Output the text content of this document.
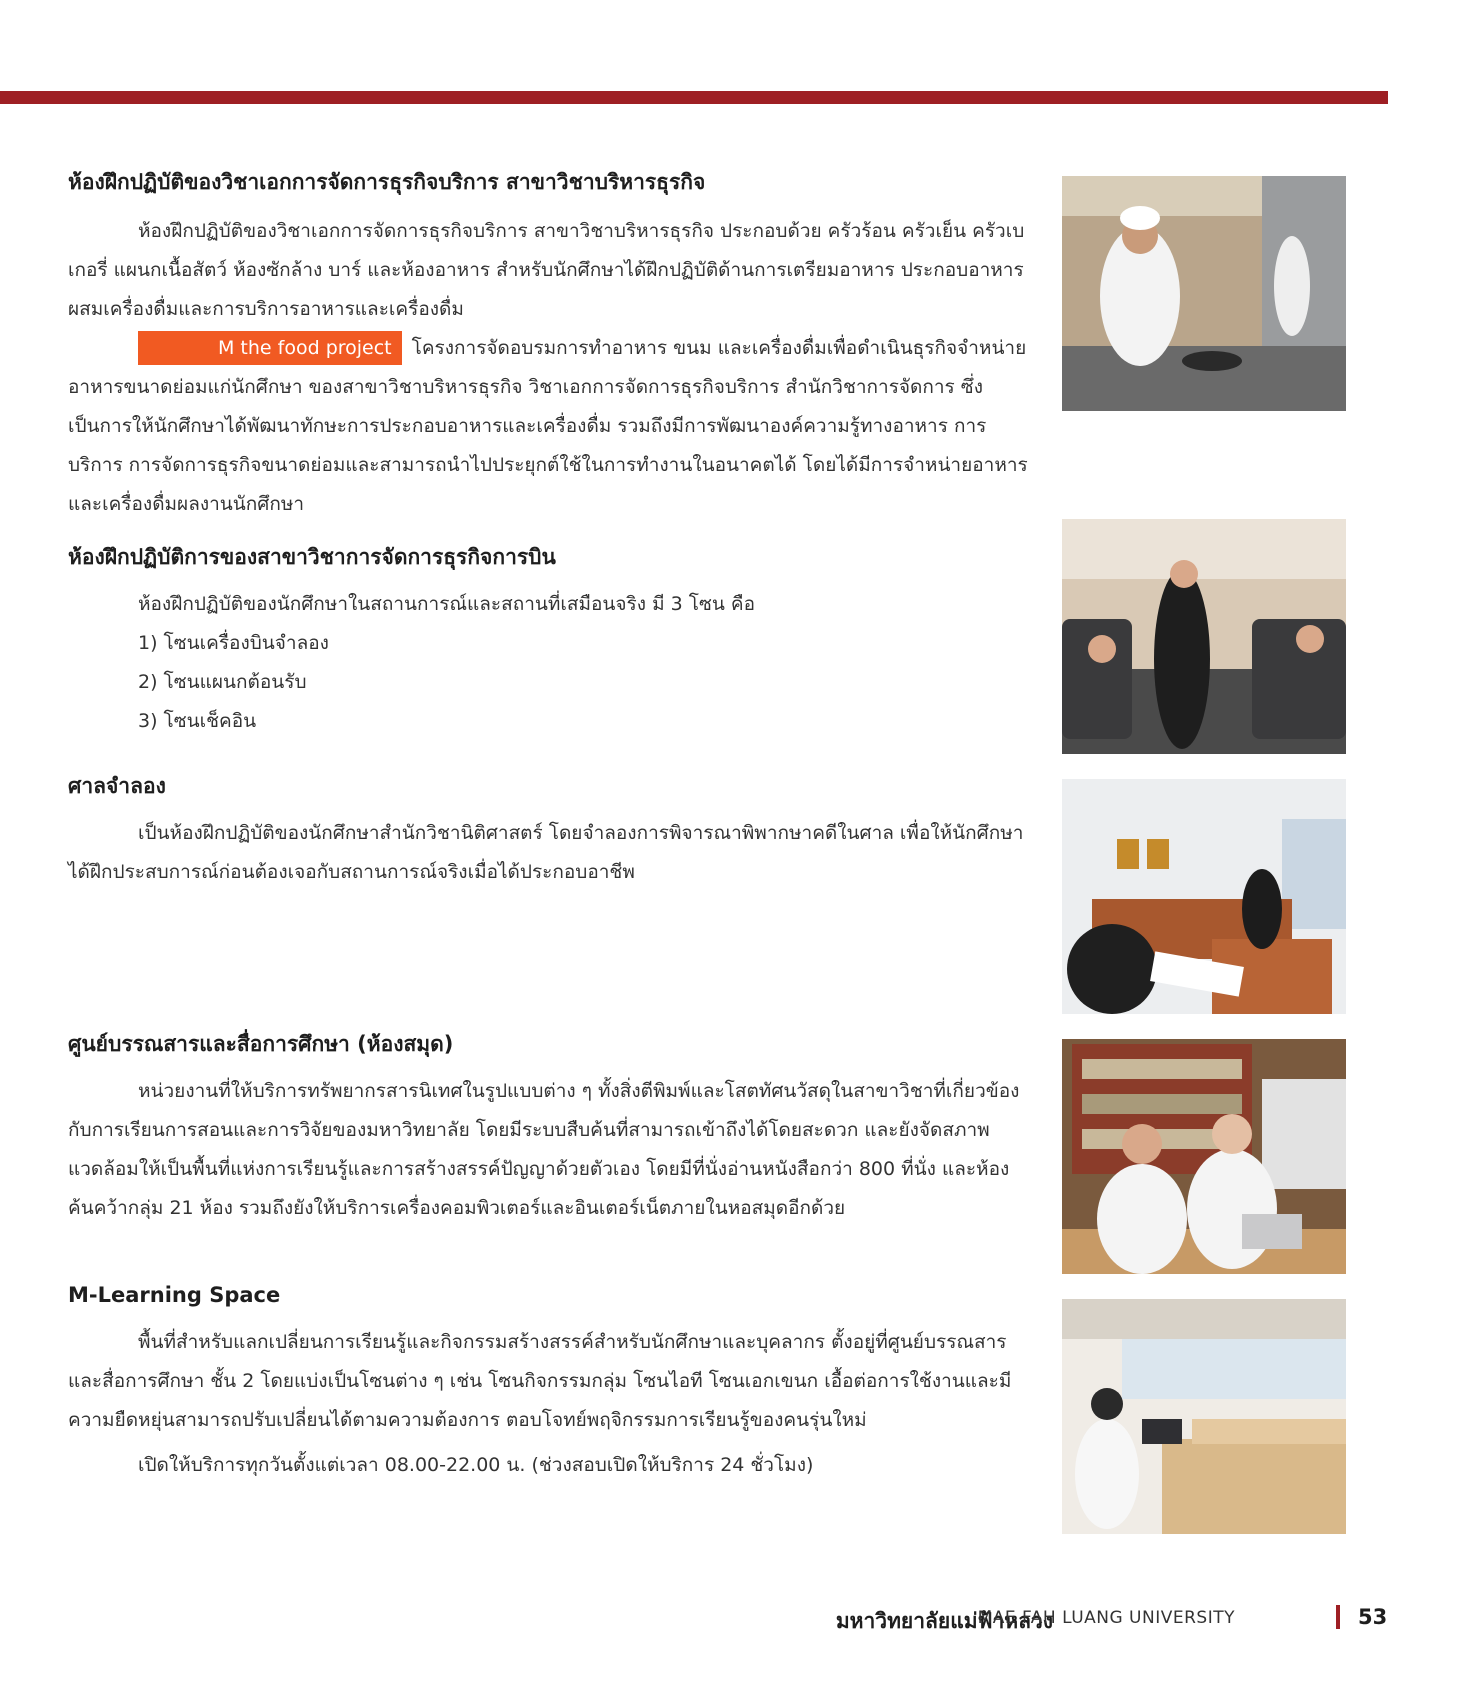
ห้องฝึกปฏิบัติของวิชาเอกการจัดการธุรกิจบริการ สาขาวิชาบริหารธุรกิจ

ห้องฝึกปฏิบัติของวิชาเอกการจัดการธุรกิจบริการ สาขาวิชาบริหารธุรกิจ ประกอบด้วย ครัวร้อน ครัวเย็น ครัวเบเกอรี่ แผนกเนื้อสัตว์ ห้องซักล้าง บาร์ และห้องอาหาร สำหรับนักศึกษาได้ฝึกปฏิบัติด้านการเตรียมอาหาร ประกอบอาหาร ผสมเครื่องดื่มและการบริการอาหารและเครื่องดื่ม

M the food project โครงการจัดอบรมการทำอาหาร ขนม และเครื่องดื่มเพื่อดำเนินธุรกิจจำหน่ายอาหารขนาดย่อมแก่นักศึกษา ของสาขาวิชาบริหารธุรกิจ วิชาเอกการจัดการธุรกิจบริการ สำนักวิชาการจัดการ ซึ่งเป็นการให้นักศึกษาได้พัฒนาทักษะการประกอบอาหารและเครื่องดื่ม รวมถึงมีการพัฒนาองค์ความรู้ทางอาหาร การบริการ การจัดการธุรกิจขนาดย่อมและสามารถนำไปประยุกต์ใช้ในการทำงานในอนาคตได้ โดยได้มีการจำหน่ายอาหารและเครื่องดื่มผลงานนักศึกษา

ห้องฝึกปฏิบัติการของสาขาวิชาการจัดการธุรกิจการบิน

ห้องฝึกปฏิบัติของนักศึกษาในสถานการณ์และสถานที่เสมือนจริง มี 3 โซน คือ

1) โซนเครื่องบินจำลอง

2) โซนแผนกต้อนรับ

3) โซนเช็คอิน

ศาลจำลอง

เป็นห้องฝึกปฏิบัติของนักศึกษาสำนักวิชานิติศาสตร์ โดยจำลองการพิจารณาพิพากษาคดีในศาล เพื่อให้นักศึกษาได้ฝึกประสบการณ์ก่อนต้องเจอกับสถานการณ์จริงเมื่อได้ประกอบอาชีพ

ศูนย์บรรณสารและสื่อการศึกษา (ห้องสมุด)

หน่วยงานที่ให้บริการทรัพยากรสารนิเทศในรูปแบบต่าง ๆ ทั้งสิ่งตีพิมพ์และโสตทัศนวัสดุในสาขาวิชาที่เกี่ยวข้องกับการเรียนการสอนและการวิจัยของมหาวิทยาลัย โดยมีระบบสืบค้นที่สามารถเข้าถึงได้โดยสะดวก และยังจัดสภาพแวดล้อมให้เป็นพื้นที่แห่งการเรียนรู้และการสร้างสรรค์ปัญญาด้วยตัวเอง โดยมีที่นั่งอ่านหนังสือกว่า 800 ที่นั่ง และห้องค้นคว้ากลุ่ม 21 ห้อง รวมถึงยังให้บริการเครื่องคอมพิวเตอร์และอินเตอร์เน็ตภายในหอสมุดอีกด้วย

M-Learning Space

พื้นที่สำหรับแลกเปลี่ยนการเรียนรู้และกิจกรรมสร้างสรรค์สำหรับนักศึกษาและบุคลากร ตั้งอยู่ที่ศูนย์บรรณสารและสื่อการศึกษา ชั้น 2 โดยแบ่งเป็นโซนต่าง ๆ เช่น โซนกิจกรรมกลุ่ม โซนไอที โซนเอกเขนก เอื้อต่อการใช้งานและมีความยืดหยุ่นสามารถปรับเปลี่ยนได้ตามความต้องการ ตอบโจทย์พฤจิกรรมการเรียนรู้ของคนรุ่นใหม่

เปิดให้บริการทุกวันตั้งแต่เวลา 08.00-22.00 น. (ช่วงสอบเปิดให้บริการ 24 ชั่วโมง)

มหาวิทยาลัยแม่ฟ้าหลวง
MAE FAH LUANG UNIVERSITY	53
